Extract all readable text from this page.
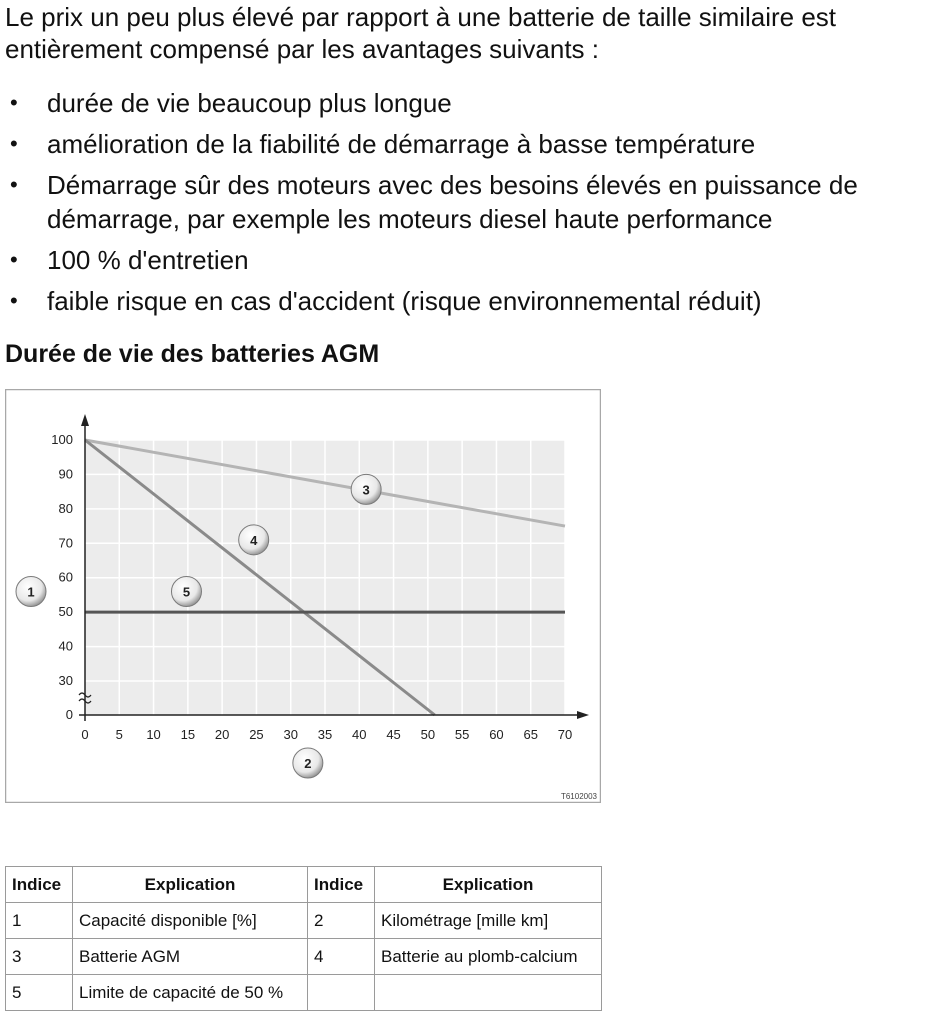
Le prix un peu plus élevé par rapport à une batterie de taille similaire est entièrement compensé par les avantages suivants :

• durée de vie beaucoup plus longue
• amélioration de la fiabilité de démarrage à basse température
• Démarrage sûr des moteurs avec des besoins élevés en puissance de démarrage, par exemple les moteurs diesel haute performance
• 100 % d'entretien
• faible risque en cas d'accident (risque environnemental réduit)
Durée de vie des batteries AGM
0
30
40
50
60
70
80
90
100
0 5 10 15 20 25 30 35 40 45 50 55 60 65 70
3
4
5
1
2
T6102003
Indice	Explication	Indice	Explication
1	Capacité disponible [%]	2	Kilométrage [mille km]
3	Batterie AGM	4	Batterie au plomb-calcium
5	Limite de capacité de 50 %		
